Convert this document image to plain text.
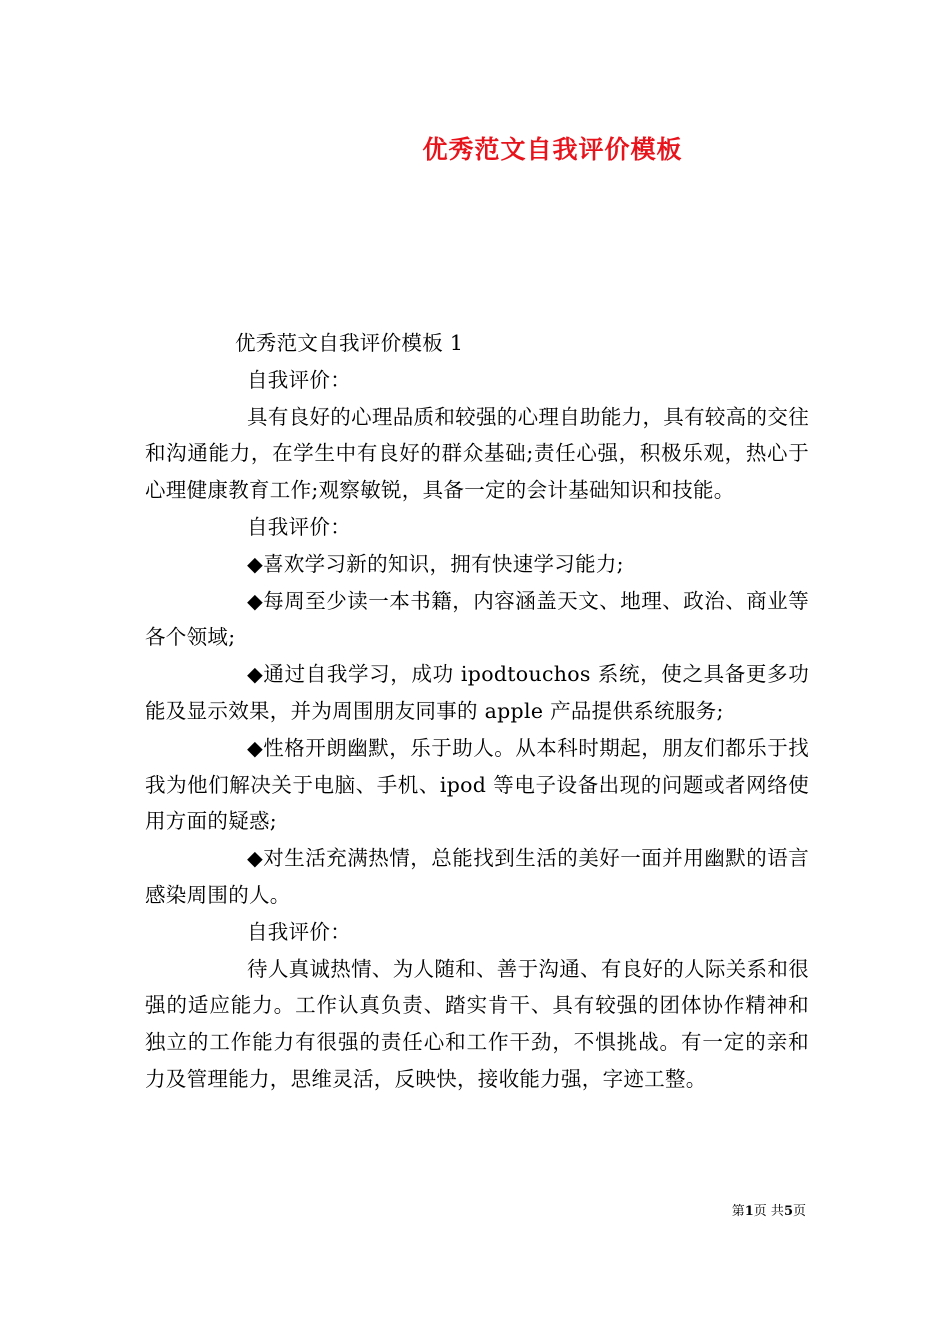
优秀范文自我评价模板

优秀范文自我评价模板 1

自我评价：

具有良好的心理品质和较强的心理自助能力，具有较高的交往和沟通能力，在学生中有良好的群众基础;责任心强，积极乐观，热心于心理健康教育工作;观察敏锐，具备一定的会计基础知识和技能。

自我评价：

◆喜欢学习新的知识，拥有快速学习能力;

◆每周至少读一本书籍，内容涵盖天文、地理、政治、商业等各个领域;

◆通过自我学习，成功 ipodtouchos 系统，使之具备更多功能及显示效果，并为周围朋友同事的 apple 产品提供系统服务;

◆性格开朗幽默，乐于助人。从本科时期起，朋友们都乐于找我为他们解决关于电脑、手机、ipod 等电子设备出现的问题或者网络使用方面的疑惑;

◆对生活充满热情，总能找到生活的美好一面并用幽默的语言感染周围的人。

自我评价：

待人真诚热情、为人随和、善于沟通、有良好的人际关系和很强的适应能力。工作认真负责、踏实肯干、具有较强的团体协作精神和独立的工作能力有很强的责任心和工作干劲，不惧挑战。有一定的亲和力及管理能力，思维灵活，反映快，接收能力强，字迹工整。

第1页 共5页
